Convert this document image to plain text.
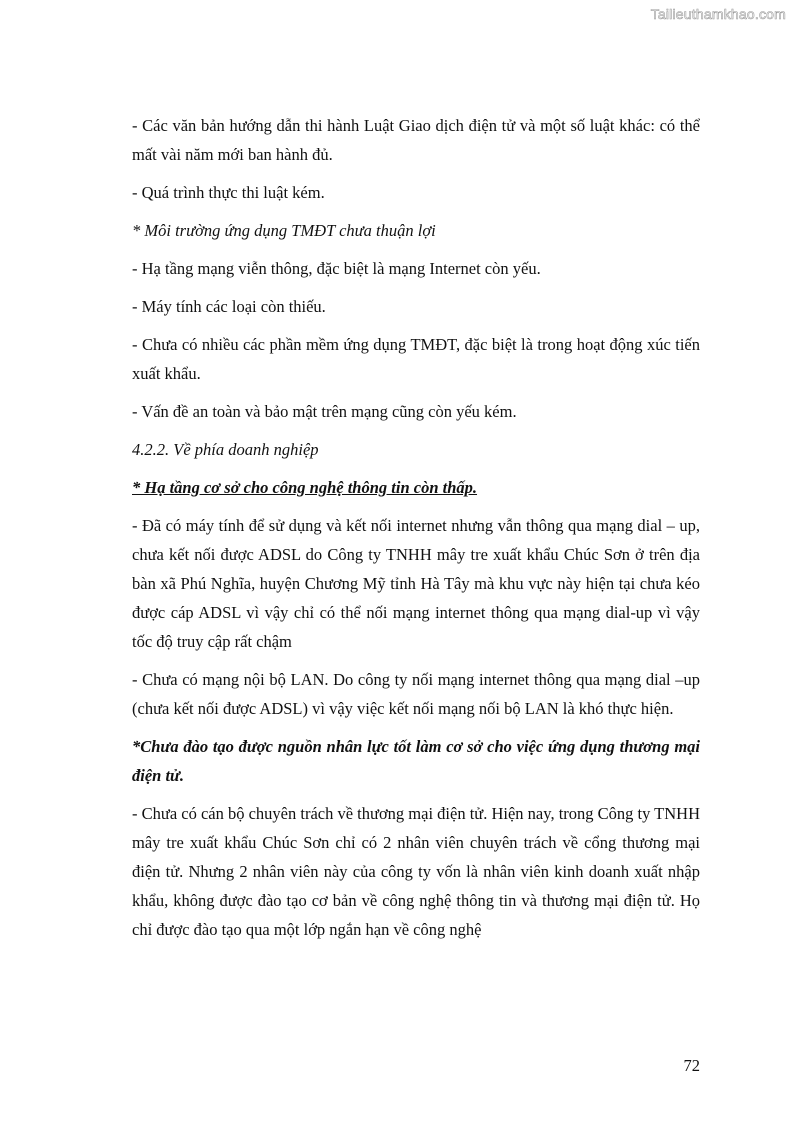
Tailieuthamkhao.com

- Các văn bản hướng dẫn thi hành Luật Giao dịch điện tử và một số luật khác: có thể mất vài năm mới ban hành đủ.

- Quá trình thực thi luật kém.

* Môi trường ứng dụng TMĐT chưa thuận lợi

- Hạ tầng mạng viễn thông, đặc biệt là mạng Internet còn yếu.

- Máy tính các loại còn thiếu.

- Chưa có nhiều các phần mềm ứng dụng TMĐT, đặc biệt là trong hoạt động xúc tiến xuất khẩu.

- Vấn đề an toàn và bảo mật trên mạng cũng còn yếu kém.

4.2.2. Về phía doanh nghiệp

* Hạ tầng cơ sở cho công nghệ thông tin còn thấp.

- Đã có máy tính để sử dụng và kết nối internet nhưng vẫn thông qua mạng dial – up, chưa kết nối được ADSL do Công ty TNHH mây tre xuất khẩu Chúc Sơn ở trên địa bàn xã Phú Nghĩa, huyện Chương Mỹ tỉnh Hà Tây mà khu vực này hiện tại chưa kéo được cáp ADSL vì vậy chỉ có thể nối mạng internet thông qua mạng dial-up vì vậy tốc độ truy cập rất chậm

- Chưa có mạng nội bộ LAN. Do công ty nối mạng internet thông qua mạng dial –up (chưa kết nối được ADSL) vì vậy việc kết nối mạng nối bộ LAN là khó thực hiện.

*Chưa đào tạo được nguồn nhân lực tốt làm cơ sở cho việc ứng dụng thương mại điện tử.

- Chưa có cán bộ chuyên trách về thương mại điện tử. Hiện nay, trong Công ty TNHH mây tre xuất khẩu Chúc Sơn chỉ có 2 nhân viên chuyên trách về cổng thương mại điện tử. Nhưng 2 nhân viên này của công ty vốn là nhân viên kinh doanh xuất nhập khẩu, không được đào tạo cơ bản về công nghệ thông tin và thương mại điện tử. Họ chỉ được đào tạo qua một lớp ngắn hạn về công nghệ

72
